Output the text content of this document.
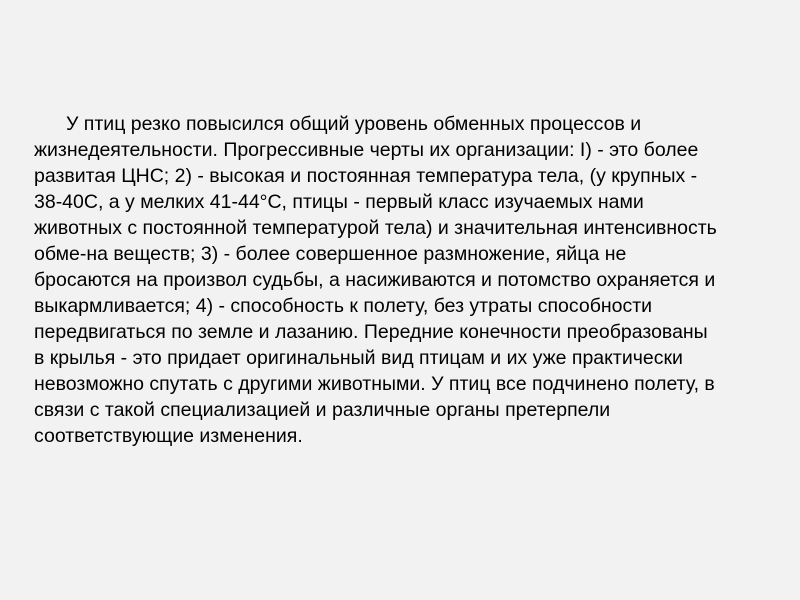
У птиц резко повысился общий уровень обменных процессов и
жизнедеятельности. Прогрессивные черты их организации: I) - это более
развитая ЦНС; 2) - высокая и постоянная температура тела, (у крупных -
38-40С, а у мелких 41-44°С, птицы - первый класс изучаемых нами
животных с постоянной температурой тела) и значительная интенсивность
обме-на веществ; 3) - более совершенное размножение, яйца не
бросаются на произвол судьбы, а насиживаются и потомство охраняется и
выкармливается; 4) - способность к полету, без утраты способности
передвигаться по земле и лазанию. Передние конечности преобразованы
в крылья - это придает оригинальный вид птицам и их уже практически
невозможно спутать с другими животными. У птиц все подчинено полету, в
связи с такой специализацией и различные органы претерпели
соответствующие изменения.
